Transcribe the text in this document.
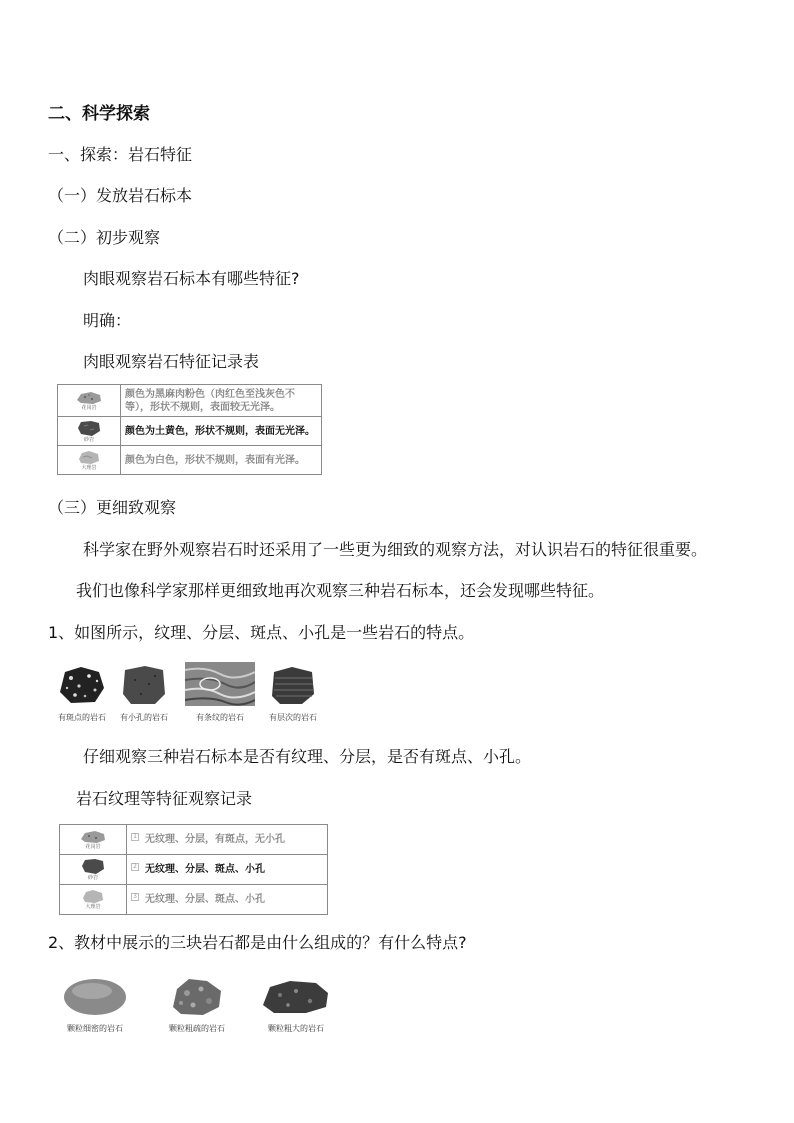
二、科学探索
一、探索：岩石特征
（一）发放岩石标本
（二）初步观察
肉眼观察岩石标本有哪些特征?
明确：
肉眼观察岩石特征记录表
花岗岩	颜色为黑麻肉粉色（肉红色至浅灰色不等），形状不规则，表面较无光泽。

砂岩	颜色为土黄色，形状不规则，表面无光泽。

大理岩	颜色为白色，形状不规则，表面有光泽。
（三）更细致观察
科学家在野外观察岩石时还采用了一些更为细致的观察方法，对认识岩石的特征很重要。
我们也像科学家那样更细致地再次观察三种岩石标本，还会发现哪些特征。
1、如图所示，纹理、分层、斑点、小孔是一些岩石的特点。
有斑点的岩石 有小孔的岩石	有条纹的岩石	有层次的岩石
仔细观察三种岩石标本是否有纹理、分层，是否有斑点、小孔。
岩石纹理等特征观察记录
花岗岩	1 无纹理、分层，有斑点，无小孔

砂岩	2 无纹理、分层、斑点、小孔

大理岩	3 无纹理、分层、斑点、小孔
2、教材中展示的三块岩石都是由什么组成的？有什么特点?
颗粒细密的岩石	颗粒粗疏的岩石	颗粒粗大的岩石
